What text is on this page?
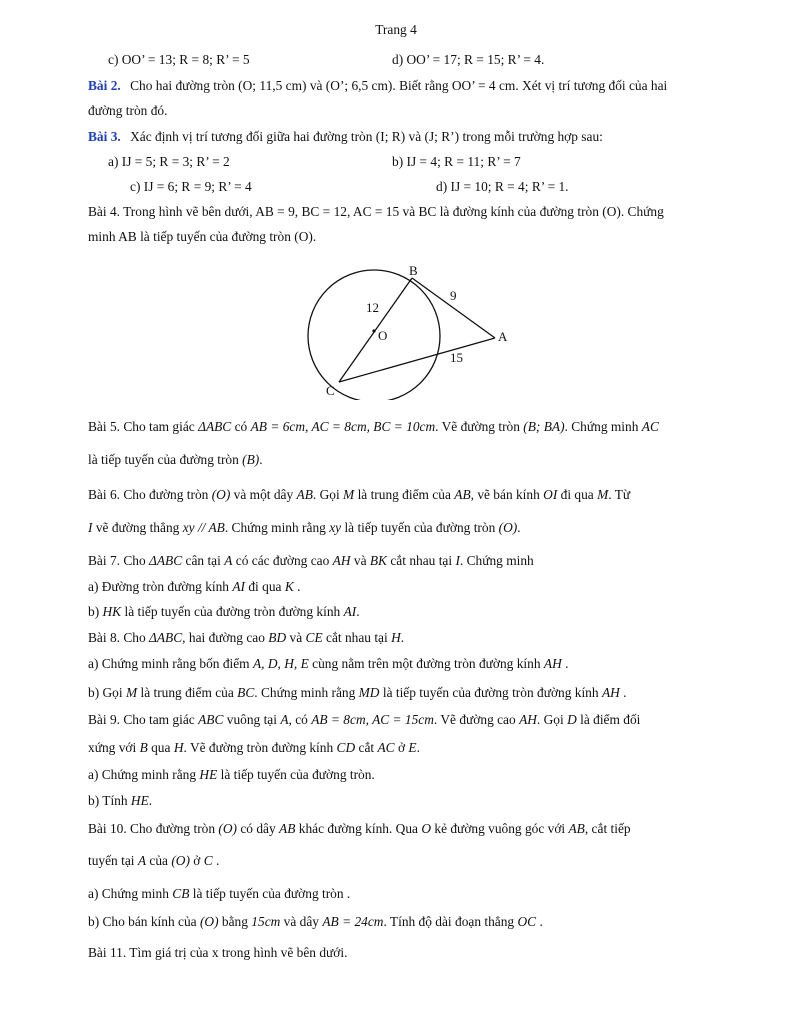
Trang 4
c) OO’ = 13; R = 8; R’ = 5	d) OO’ = 17; R = 15; R’ = 4.
Bài 2. Cho hai đường tròn (O; 11,5 cm) và (O’; 6,5 cm). Biết rằng OO’ = 4 cm. Xét vị trí tương đối của hai
đường tròn đó.
Bài 3. Xác định vị trí tương đối giữa hai đường tròn (I; R) và (J; R’) trong mỗi trường hợp sau:
a) IJ = 5; R = 3; R’ = 2	b) IJ = 4; R = 11; R’ = 7
c) IJ = 6; R = 9; R’ = 4	d) IJ = 10; R = 4; R’ = 1.
Bài 4. Trong hình vẽ bên dưới, AB = 9, BC = 12, AC = 15 và BC là đường kính của đường tròn (O). Chứng
minh AB là tiếp tuyến của đường tròn (O).
B
A
C
O
12
9
15
Bài 5. Cho tam giác ΔABC có AB = 6cm, AC = 8cm, BC = 10cm. Vẽ đường tròn (B; BA). Chứng minh AC
là tiếp tuyến của đường tròn (B).
Bài 6. Cho đường tròn (O) và một dây AB. Gọi M là trung điểm của AB, vẽ bán kính OI đi qua M. Từ
I vẽ đường thẳng xy // AB. Chứng minh rằng xy là tiếp tuyến của đường tròn (O).
Bài 7. Cho ΔABC cân tại A có các đường cao AH và BK cắt nhau tại I. Chứng minh
a) Đường tròn đường kính AI đi qua K .
b) HK là tiếp tuyến của đường tròn đường kính AI.
Bài 8. Cho ΔABC, hai đường cao BD và CE cắt nhau tại H.
a) Chứng minh rằng bốn điểm A, D, H, E cùng nằm trên một đường tròn đường kính AH .
b) Gọi M là trung điểm của BC. Chứng minh rằng MD là tiếp tuyến của đường tròn đường kính AH .
Bài 9. Cho tam giác ABC vuông tại A, có AB = 8cm, AC = 15cm. Vẽ đường cao AH. Gọi D là điểm đối
xứng với B qua H. Vẽ đường tròn đường kính CD cắt AC ở E.
a) Chứng minh rằng HE là tiếp tuyến của đường tròn.
b) Tính HE.
Bài 10. Cho đường tròn (O) có dây AB khác đường kính. Qua O kẻ đường vuông góc với AB, cắt tiếp
tuyến tại A của (O) ở C .
a) Chứng minh CB là tiếp tuyến của đường tròn .
b) Cho bán kính của (O) bằng 15cm và dây AB = 24cm. Tính độ dài đoạn thẳng OC .
Bài 11. Tìm giá trị của x trong hình vẽ bên dưới.
